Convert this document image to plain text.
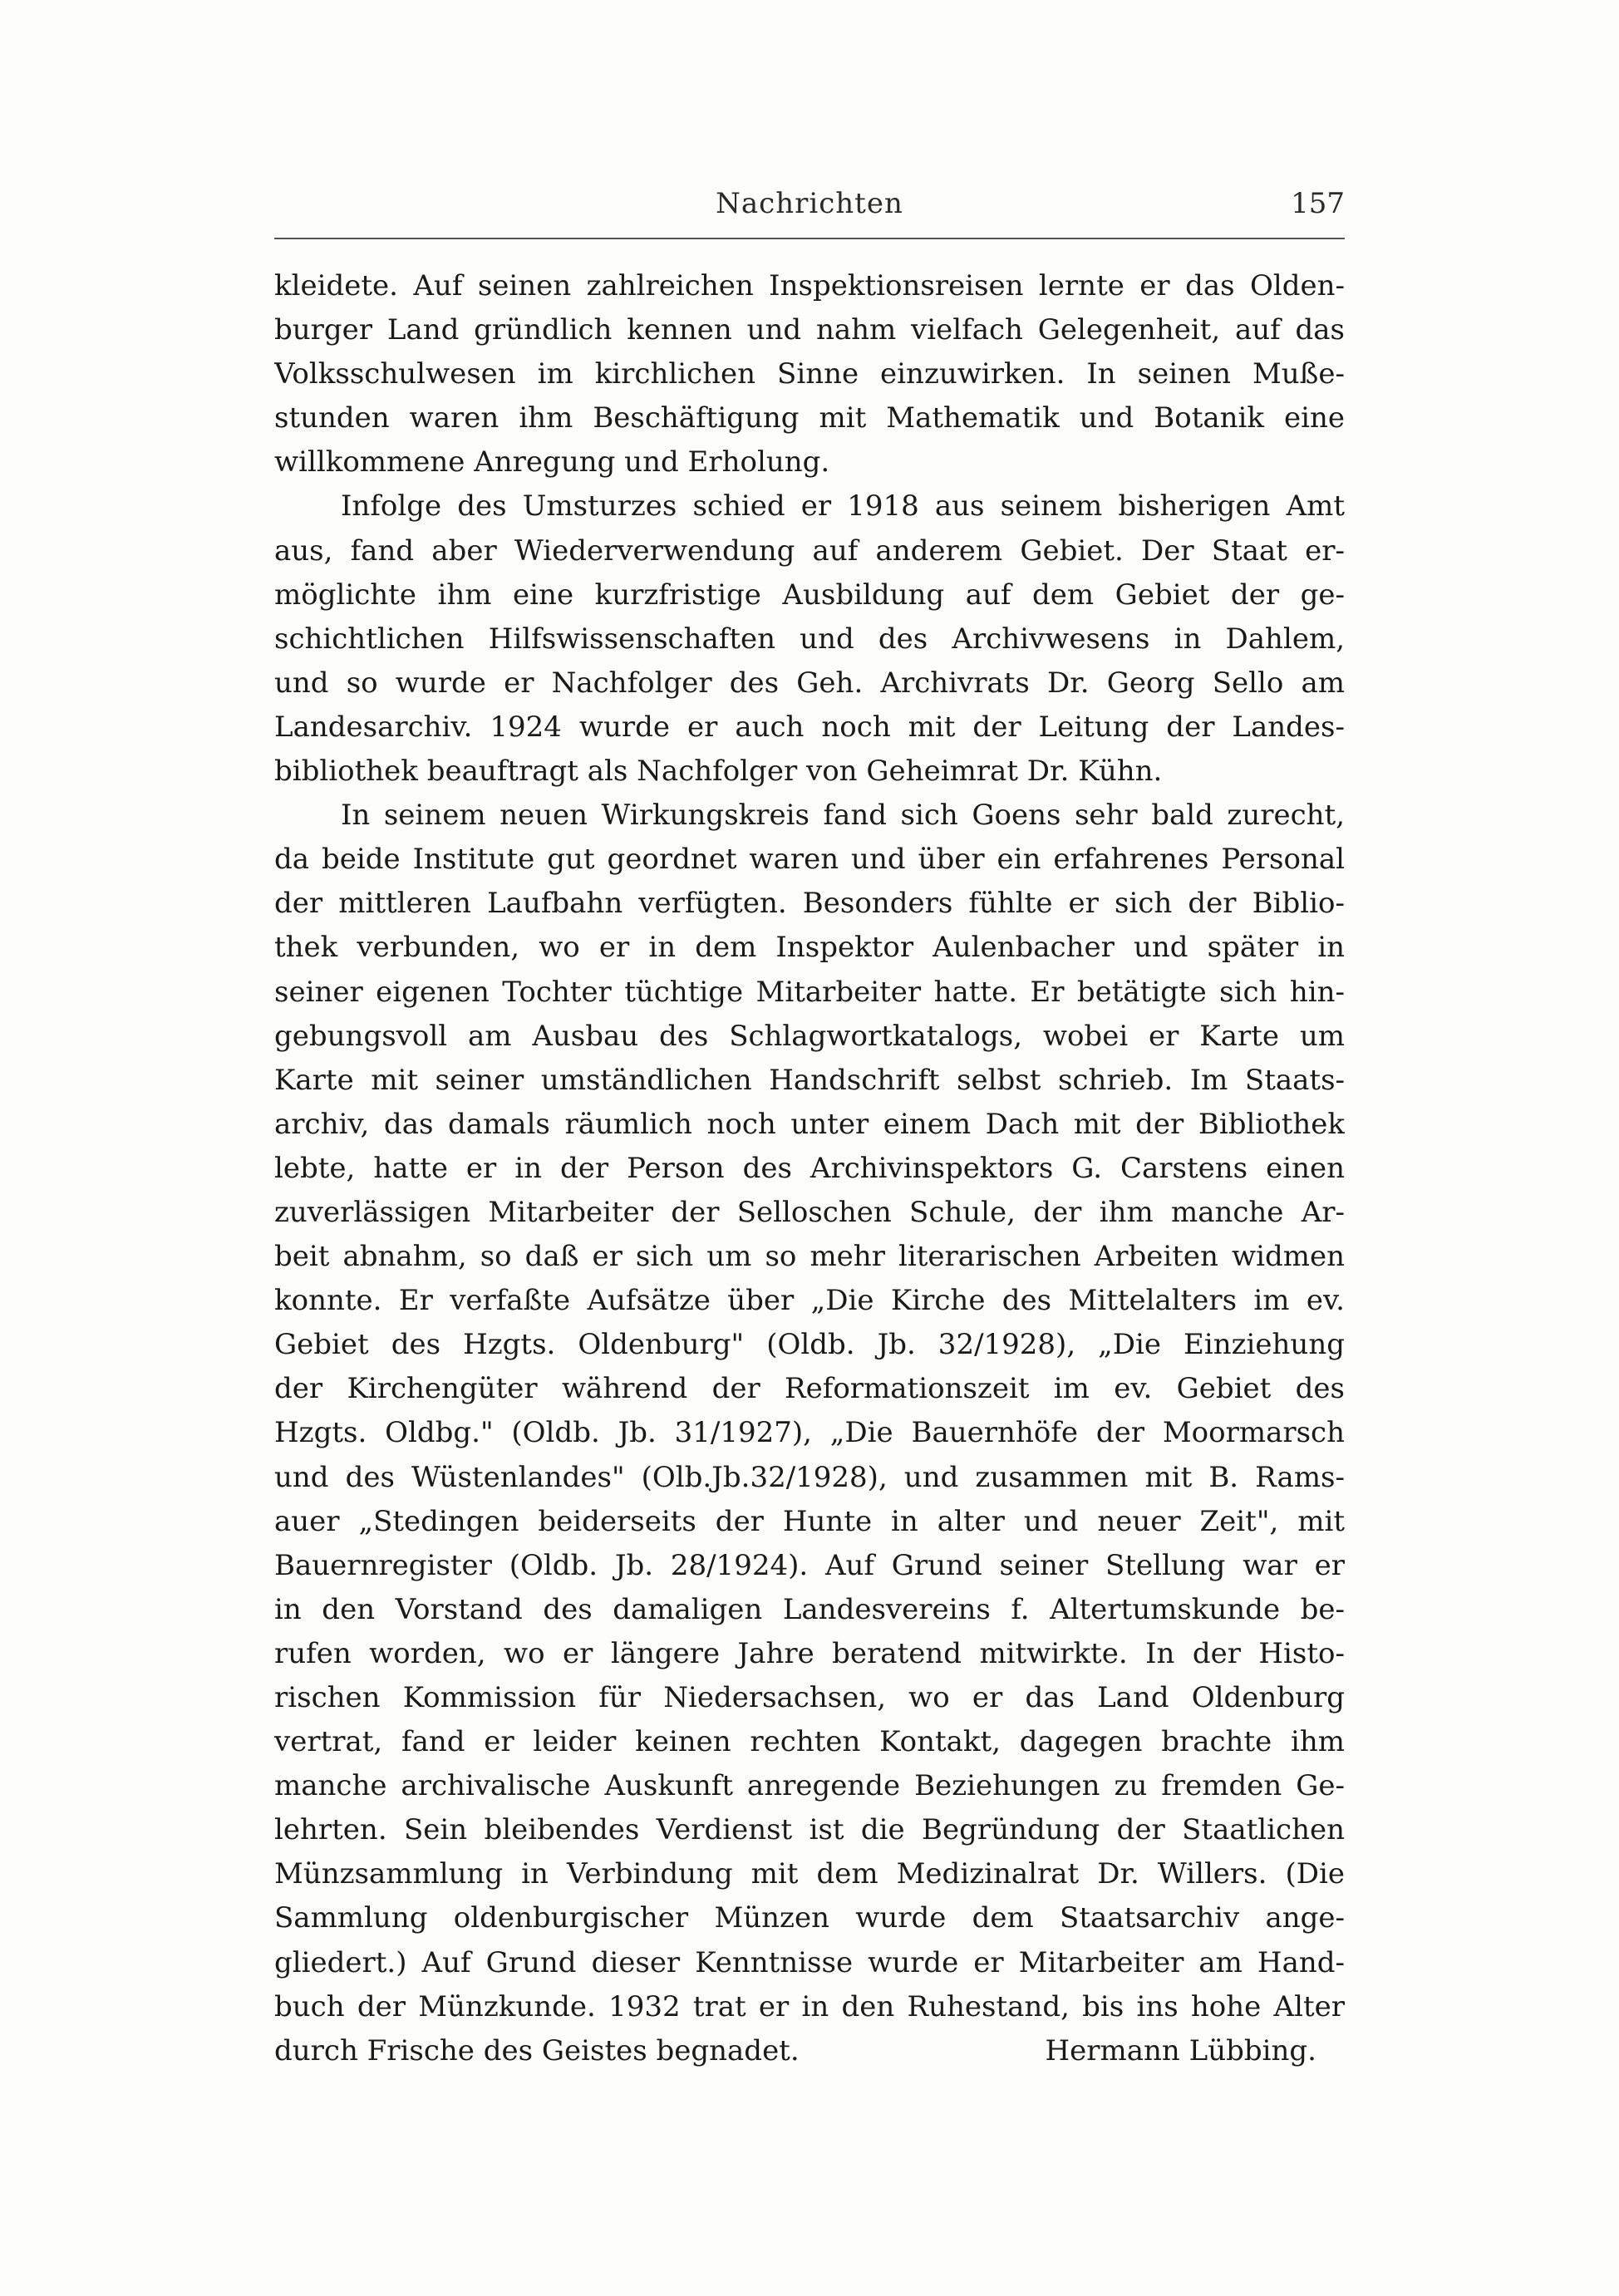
Nachrichten	157
kleidete. Auf seinen zahlreichen Inspektionsreisen lernte er das Olden-
burger Land gründlich kennen und nahm vielfach Gelegenheit, auf das
Volksschulwesen im kirchlichen Sinne einzuwirken. In seinen Muße-
stunden waren ihm Beschäftigung mit Mathematik und Botanik eine
willkommene Anregung und Erholung.
Infolge des Umsturzes schied er 1918 aus seinem bisherigen Amt
aus, fand aber Wiederverwendung auf anderem Gebiet. Der Staat er-
möglichte ihm eine kurzfristige Ausbildung auf dem Gebiet der ge-
schichtlichen Hilfswissenschaften und des Archivwesens in Dahlem,
und so wurde er Nachfolger des Geh. Archivrats Dr. Georg Sello am
Landesarchiv. 1924 wurde er auch noch mit der Leitung der Landes-
bibliothek beauftragt als Nachfolger von Geheimrat Dr. Kühn.
In seinem neuen Wirkungskreis fand sich Goens sehr bald zurecht,
da beide Institute gut geordnet waren und über ein erfahrenes Personal
der mittleren Laufbahn verfügten. Besonders fühlte er sich der Biblio-
thek verbunden, wo er in dem Inspektor Aulenbacher und später in
seiner eigenen Tochter tüchtige Mitarbeiter hatte. Er betätigte sich hin-
gebungsvoll am Ausbau des Schlagwortkatalogs, wobei er Karte um
Karte mit seiner umständlichen Handschrift selbst schrieb. Im Staats-
archiv, das damals räumlich noch unter einem Dach mit der Bibliothek
lebte, hatte er in der Person des Archivinspektors G. Carstens einen
zuverlässigen Mitarbeiter der Selloschen Schule, der ihm manche Ar-
beit abnahm, so daß er sich um so mehr literarischen Arbeiten widmen
konnte. Er verfaßte Aufsätze über „Die Kirche des Mittelalters im ev.
Gebiet des Hzgts. Oldenburg" (Oldb. Jb. 32/1928), „Die Einziehung
der Kirchengüter während der Reformationszeit im ev. Gebiet des
Hzgts. Oldbg." (Oldb. Jb. 31/1927), „Die Bauernhöfe der Moormarsch
und des Wüstenlandes" (Olb.Jb.32/1928), und zusammen mit B. Rams-
auer „Stedingen beiderseits der Hunte in alter und neuer Zeit", mit
Bauernregister (Oldb. Jb. 28/1924). Auf Grund seiner Stellung war er
in den Vorstand des damaligen Landesvereins f. Altertumskunde be-
rufen worden, wo er längere Jahre beratend mitwirkte. In der Histo-
rischen Kommission für Niedersachsen, wo er das Land Oldenburg
vertrat, fand er leider keinen rechten Kontakt, dagegen brachte ihm
manche archivalische Auskunft anregende Beziehungen zu fremden Ge-
lehrten. Sein bleibendes Verdienst ist die Begründung der Staatlichen
Münzsammlung in Verbindung mit dem Medizinalrat Dr. Willers. (Die
Sammlung oldenburgischer Münzen wurde dem Staatsarchiv ange-
gliedert.) Auf Grund dieser Kenntnisse wurde er Mitarbeiter am Hand-
buch der Münzkunde. 1932 trat er in den Ruhestand, bis ins hohe Alter
durch Frische des Geistes begnadet.	Hermann Lübbing.
